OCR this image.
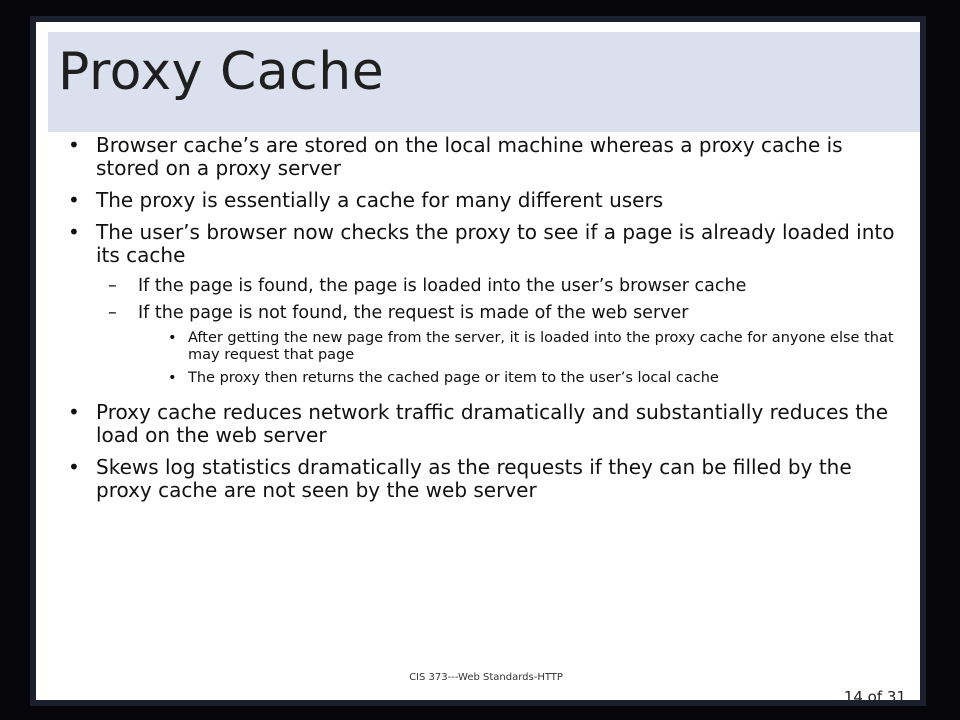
Proxy Cache
• Browser cache’s are stored on the local machine whereas a proxy cache is stored on a proxy server
• The proxy is essentially a cache for many different users
• The user’s browser now checks the proxy to see if a page is already loaded into its cache
– If the page is found, the page is loaded into the user’s browser cache
– If the page is not found, the request is made of the web server
• After getting the new page from the server, it is loaded into the proxy cache for anyone else that may request that page
• The proxy then returns the cached page or item to the user’s local cache
• Proxy cache reduces network traffic dramatically and substantially reduces the load on the web server
• Skews log statistics dramatically as the requests if they can be filled by the proxy cache are not seen by the web server
CIS 373---Web Standards-HTTP
14 of 31
